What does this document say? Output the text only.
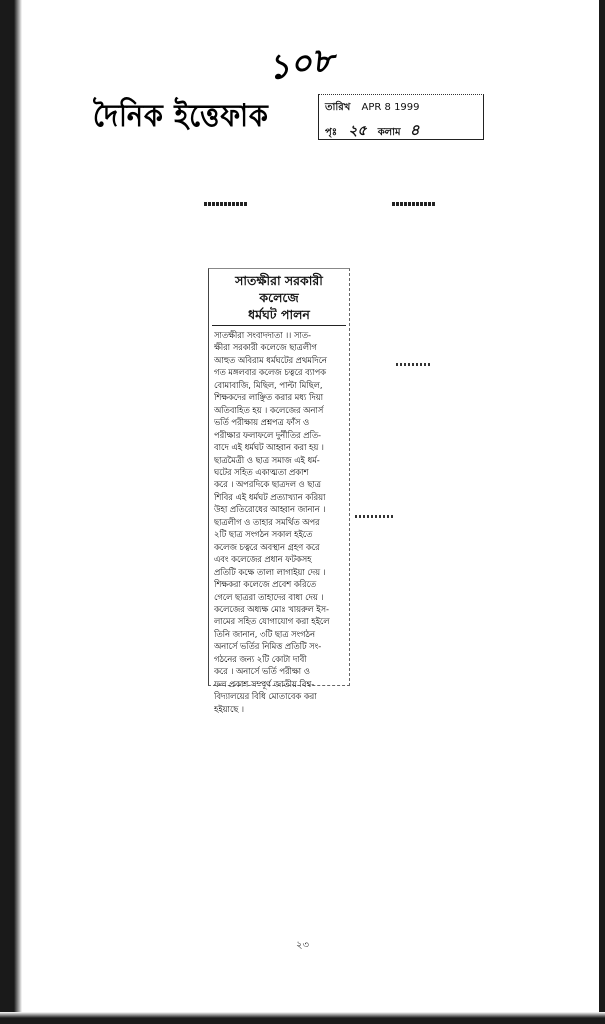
১০৮
দৈনিক ইত্তেফাক	তারিখ APR 8 1999
পৃঃ ২৫ কলাম ৪
সাতক্ষীরা সরকারী কলেজে
ধর্মঘট পালন
সাতক্ষীরা সংবাদদাতা ।। সাত-
ক্ষীরা সরকারী কলেজে ছাত্রলীগ
আহুত অবিরাম ধর্মঘটের প্রথমদিনে
গত মঙ্গলবার কলেজ চত্বরে ব্যাপক
বোমাবাজি, মিছিল, পাল্টা মিছিল,
শিক্ষকদের লাঞ্ছিত করার মধ্য দিয়া
অতিবাহিত হয় । কলেজের অনার্স
ভর্তি পরীক্ষায় প্রশ্নপত্র ফাঁস ও
পরীক্ষার ফলাফলে দুর্নীতির প্রতি-
বাদে এই ধর্মঘট আহ্বান করা হয় ।
ছাত্রমৈত্রী ও ছাত্র সমাজ এই ধর্ম-
ঘটের সহিত একাত্মতা প্রকাশ
করে । অপরদিকে ছাত্রদল ও ছাত্র
শিবির এই ধর্মঘট প্রত্যাখ্যান করিয়া
উহা প্রতিরোধের আহ্বান জানান ।
ছাত্রলীগ ও তাহার সমর্থিত অপর
২টি ছাত্র সংগঠন সকাল হইতে
কলেজ চত্বরে অবস্থান গ্রহণ করে
এবং কলেজের প্রধান ফটকসহ
প্রতিটি কক্ষে তালা লাগাইয়া দেয় ।
শিক্ষকরা কলেজে প্রবেশ করিতে
গেলে ছাত্ররা তাহাদের বাধা দেয় ।
কলেজের অধ্যক্ষ মোঃ খায়রুল ইস-
লামের সহিত যোগাযোগ করা হইলে
তিনি জানান, ৩টি ছাত্র সংগঠন
অনার্সে ভর্তির নিমিত্ত প্রতিটি সং-
গঠনের জন্য ২টি কোটা দাবী
করে । অনার্সে ভর্তি পরীক্ষা ও
ফল প্রকাশ সম্পূর্ণ জাতীয় বিশ্ব-
বিদ্যালয়ের বিধি মোতাবেক করা
হইয়াছে ।
২৩
